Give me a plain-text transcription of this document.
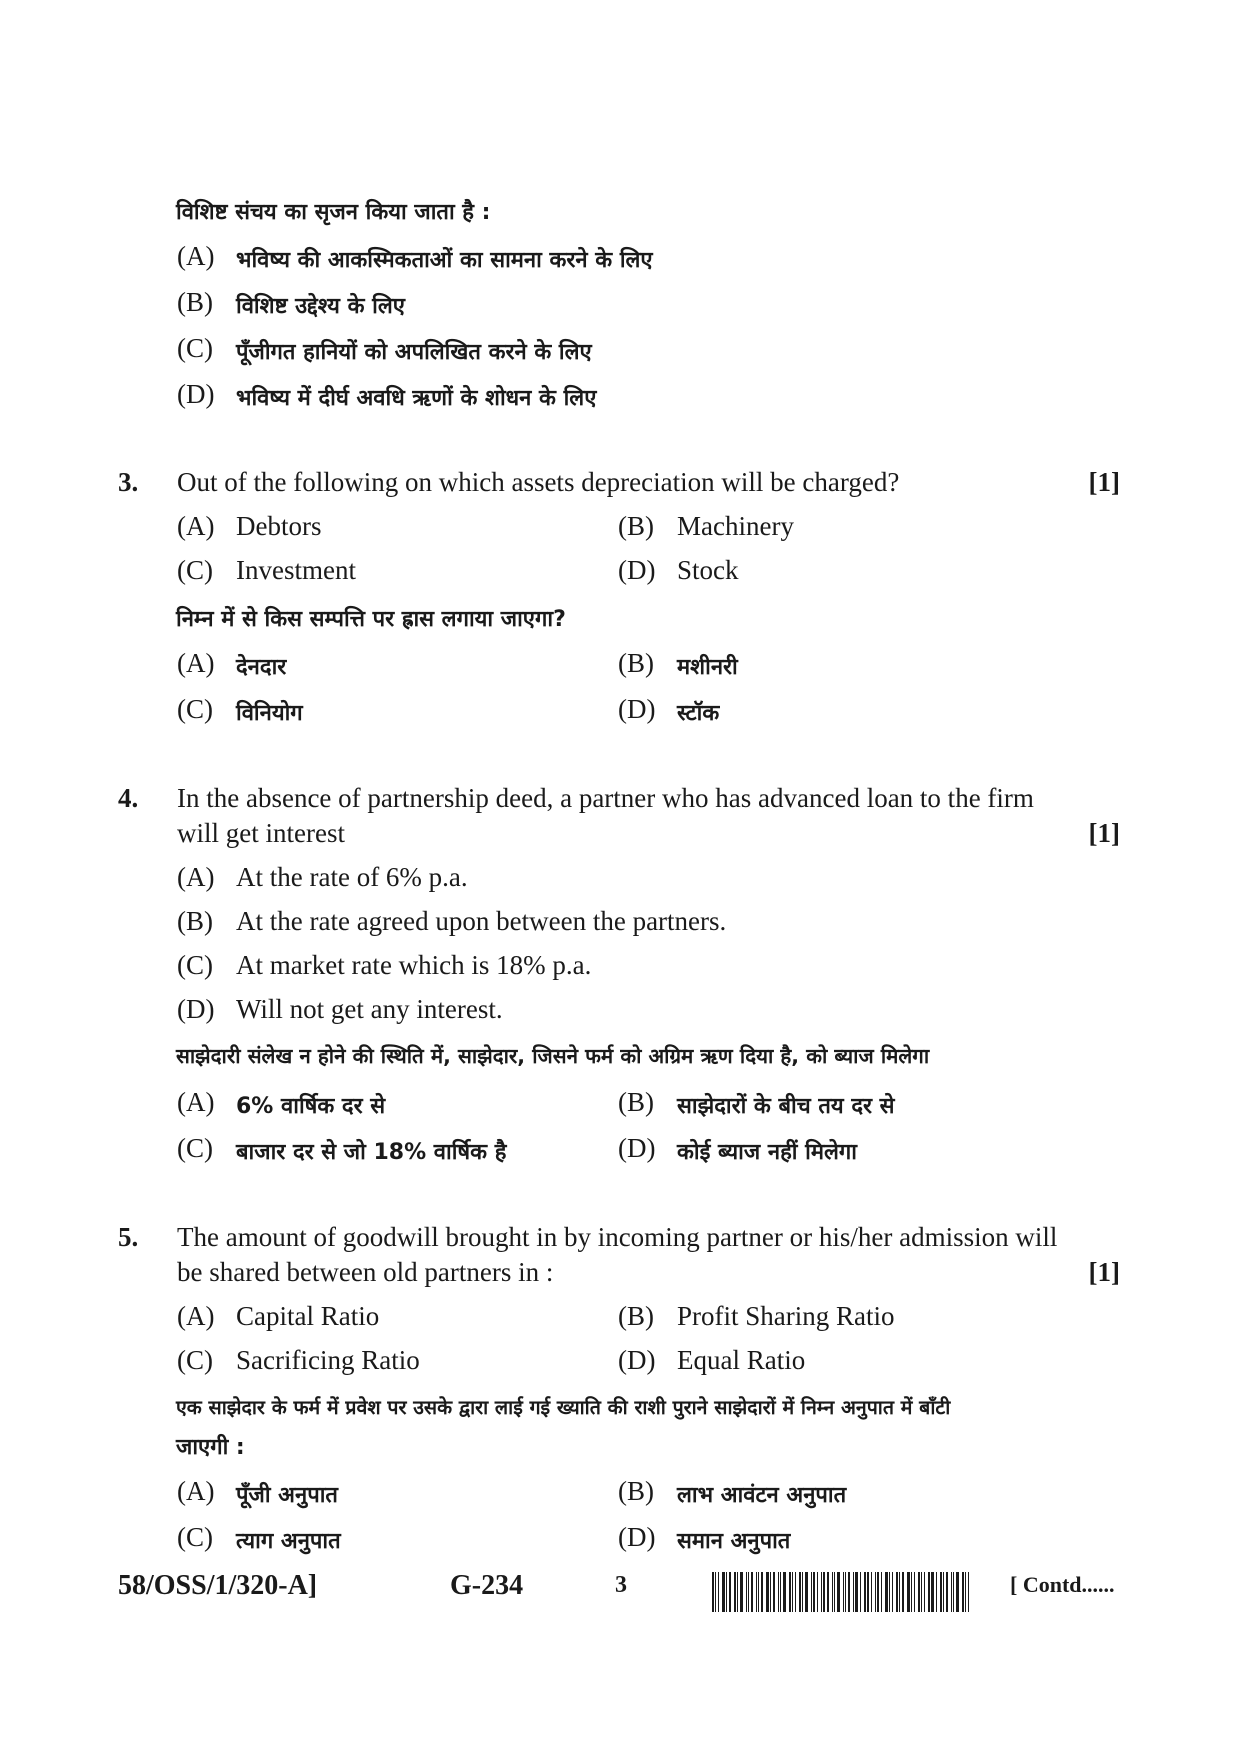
विशिष्ट संचय का सृजन किया जाता है :
(A) भविष्य की आकस्मिकताओं का सामना करने के लिए
(B) विशिष्ट उद्देश्य के लिए
(C) पूँजीगत हानियों को अपलिखित करने के लिए
(D) भविष्य में दीर्घ अवधि ऋणों के शोधन के लिए
3. Out of the following on which assets depreciation will be charged?	[1]
(A) Debtors	(B) Machinery
(C) Investment	(D) Stock
निम्न में से किस सम्पत्ति पर ह्रास लगाया जाएगा?
(A) देनदार	(B) मशीनरी
(C) विनियोग	(D) स्टॉक
4. In the absence of partnership deed, a partner who has advanced loan to the firm
will get interest	[1]
(A) At the rate of 6% p.a.
(B) At the rate agreed upon between the partners.
(C) At market rate which is 18% p.a.
(D) Will not get any interest.
साझेदारी संलेख न होने की स्थिति में, साझेदार, जिसने फर्म को अग्रिम ऋण दिया है, को ब्याज मिलेगा
(A) 6% वार्षिक दर से	(B) साझेदारों के बीच तय दर से
(C) बाजार दर से जो 18% वार्षिक है	(D) कोई ब्याज नहीं मिलेगा
5. The amount of goodwill brought in by incoming partner or his/her admission will
be shared between old partners in :	[1]
(A) Capital Ratio	(B) Profit Sharing Ratio
(C) Sacrificing Ratio	(D) Equal Ratio
एक साझेदार के फर्म में प्रवेश पर उसके द्वारा लाई गई ख्याति की राशी पुराने साझेदारों में निम्न अनुपात में बाँटी
जाएगी :
(A) पूँजी अनुपात	(B) लाभ आवंटन अनुपात
(C) त्याग अनुपात	(D) समान अनुपात
58/OSS/1/320-A]	G-234	3	[ Contd......
